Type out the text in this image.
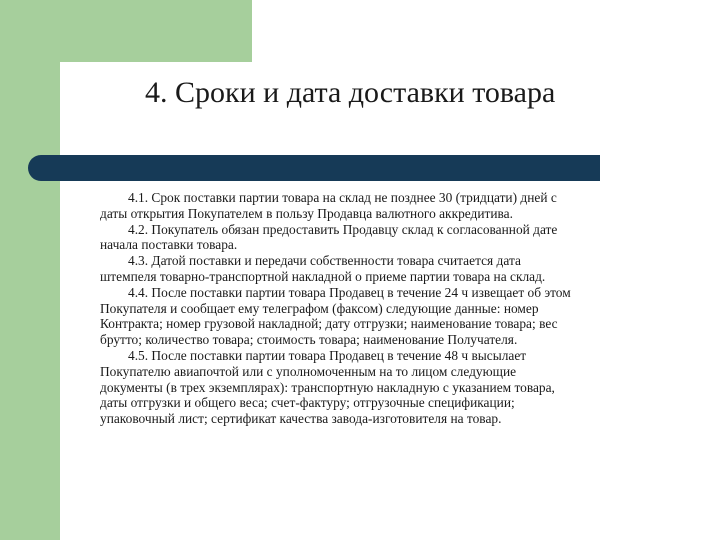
4. Сроки и дата доставки товара

4.1. Срок поставки партии товара на склад не позднее 30 (тридцати) дней с
даты открытия Покупателем в пользу Продавца валютного аккредитива.

4.2. Покупатель обязан предоставить Продавцу склад к согласованной дате
начала поставки товара.

4.3. Датой поставки и передачи собственности товара считается дата
штемпеля товарно-транспортной накладной о приеме партии товара на склад.

4.4. После поставки партии товара Продавец в течение 24 ч извещает об этом
Покупателя и сообщает ему телеграфом (факсом) следующие данные: номер
Контракта; номер грузовой накладной; дату отгрузки; наименование товара; вес
брутто; количество товара; стоимость товара; наименование Получателя.

4.5. После поставки партии товара Продавец в течение 48 ч высылает
Покупателю авиапочтой или с уполномоченным на то лицом следующие
документы (в трех экземплярах): транспортную накладную с указанием товара,
даты отгрузки и общего веса; счет-фактуру; отгрузочные спецификации;
упаковочный лист; сертификат качества завода-изготовителя на товар.
